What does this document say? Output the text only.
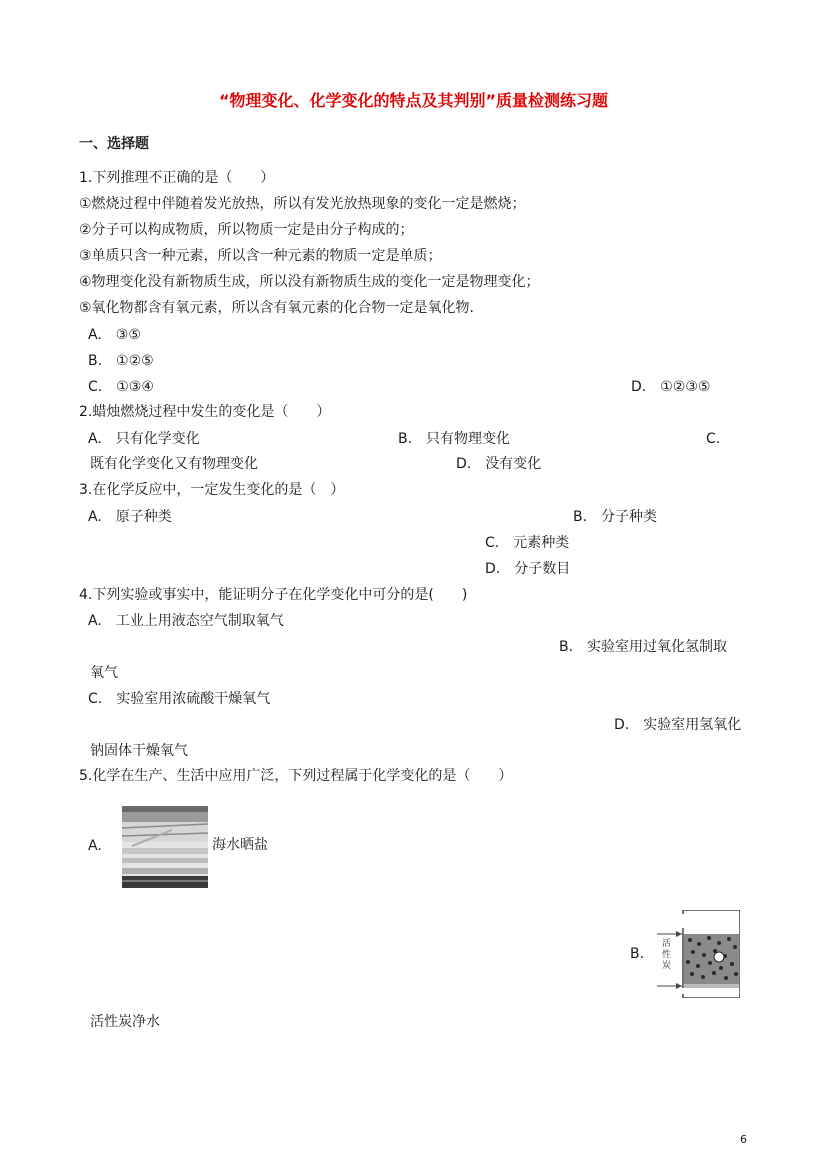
“物理变化、化学变化的特点及其判别”质量检测练习题
一、选择题
1.下列推理不正确的是（　　）
①燃烧过程中伴随着发光放热，所以有发光放热现象的变化一定是燃烧；
②分子可以构成物质，所以物质一定是由分子构成的；
③单质只含一种元素，所以含一种元素的物质一定是单质；
④物理变化没有新物质生成，所以没有新物质生成的变化一定是物理变化；
⑤氧化物都含有氧元素，所以含有氧元素的化合物一定是氧化物．
A.　③⑤
B.　①②⑤
C.　①③④	D.　①②③⑤
2.蜡烛燃烧过程中发生的变化是（　　）
A.　只有化学变化	B.　只有物理变化	C.
既有化学变化又有物理变化	D.　没有变化
3.在化学反应中，一定发生变化的是（　）
A.　原子种类	B.　分子种类
C.　元素种类
D.　分子数目
4.下列实验或事实中，能证明分子在化学变化中可分的是(　　)
A.　工业上用液态空气制取氧气
B.　实验室用过氧化氢制取
氧气
C.　实验室用浓硫酸干燥氧气
D.　实验室用氢氧化
钠固体干燥氧气
5.化学在生产、生活中应用广泛，下列过程属于化学变化的是（　　）
A.	海水晒盐
B.
活性炭
活性炭净水
6
